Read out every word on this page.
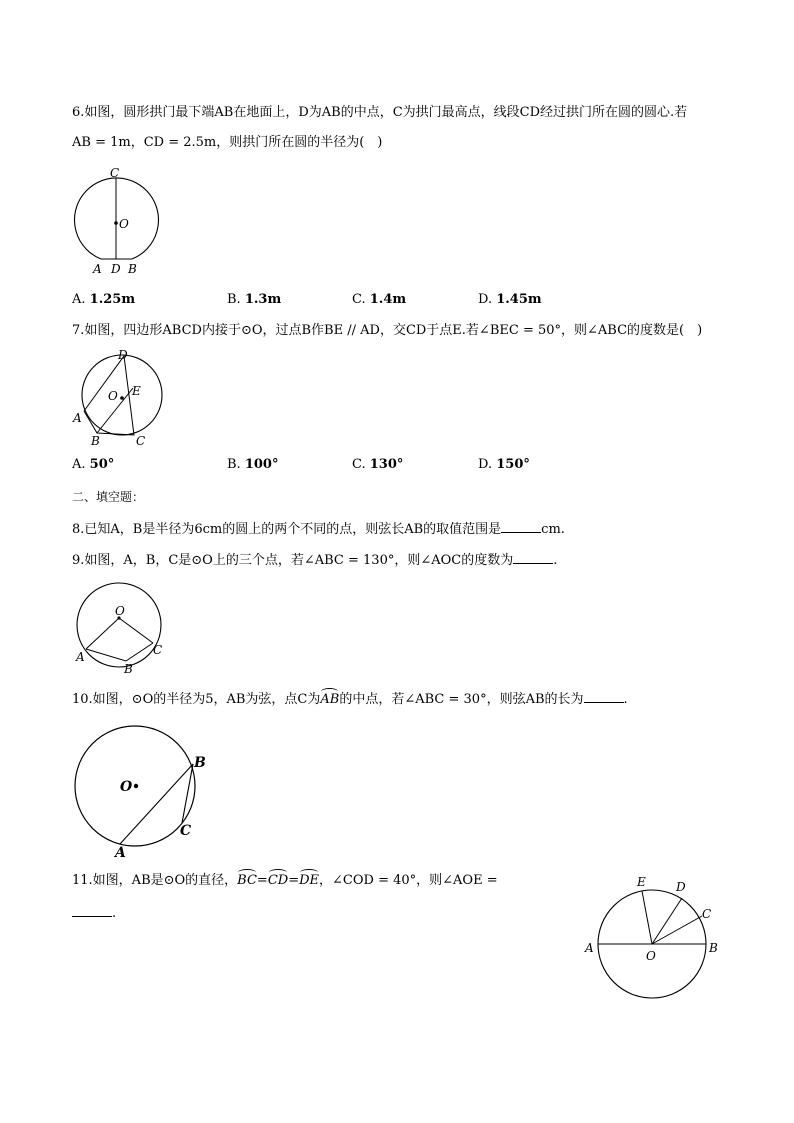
6.如图，圆形拱门最下端AB在地面上，D为AB的中点，C为拱门最高点，线段CD经过拱门所在圆的圆心.若
AB = 1m，CD = 2.5m，则拱门所在圆的半径为(　)
C
O
A D B
A. 1.25m	B. 1.3m	C. 1.4m	D. 1.45m
7.如图，四边形ABCD内接于⊙O，过点B作BE // AD，交CD于点E.若∠BEC = 50°，则∠ABC的度数是(　)
D
O E
A
B	C
A. 50°	B. 100°	C. 130°	D. 150°
二、填空题：
8.已知A，B是半径为6cm的圆上的两个不同的点，则弦长AB的取值范围是	cm.
9.如图，A，B，C是⊙O上的三个点，若∠ABC = 130°，则∠AOC的度数为	.
O
A
B
C
10.如图，⊙O的半径为5，AB为弦，点C为AB的中点，若∠ABC = 30°，则弦AB的长为	.
O
B
C
A
11.如图，AB是⊙O的直径，BC=CD=DE，∠COD = 40°，则∠AOE =
.
E	D
C
A
O
B
